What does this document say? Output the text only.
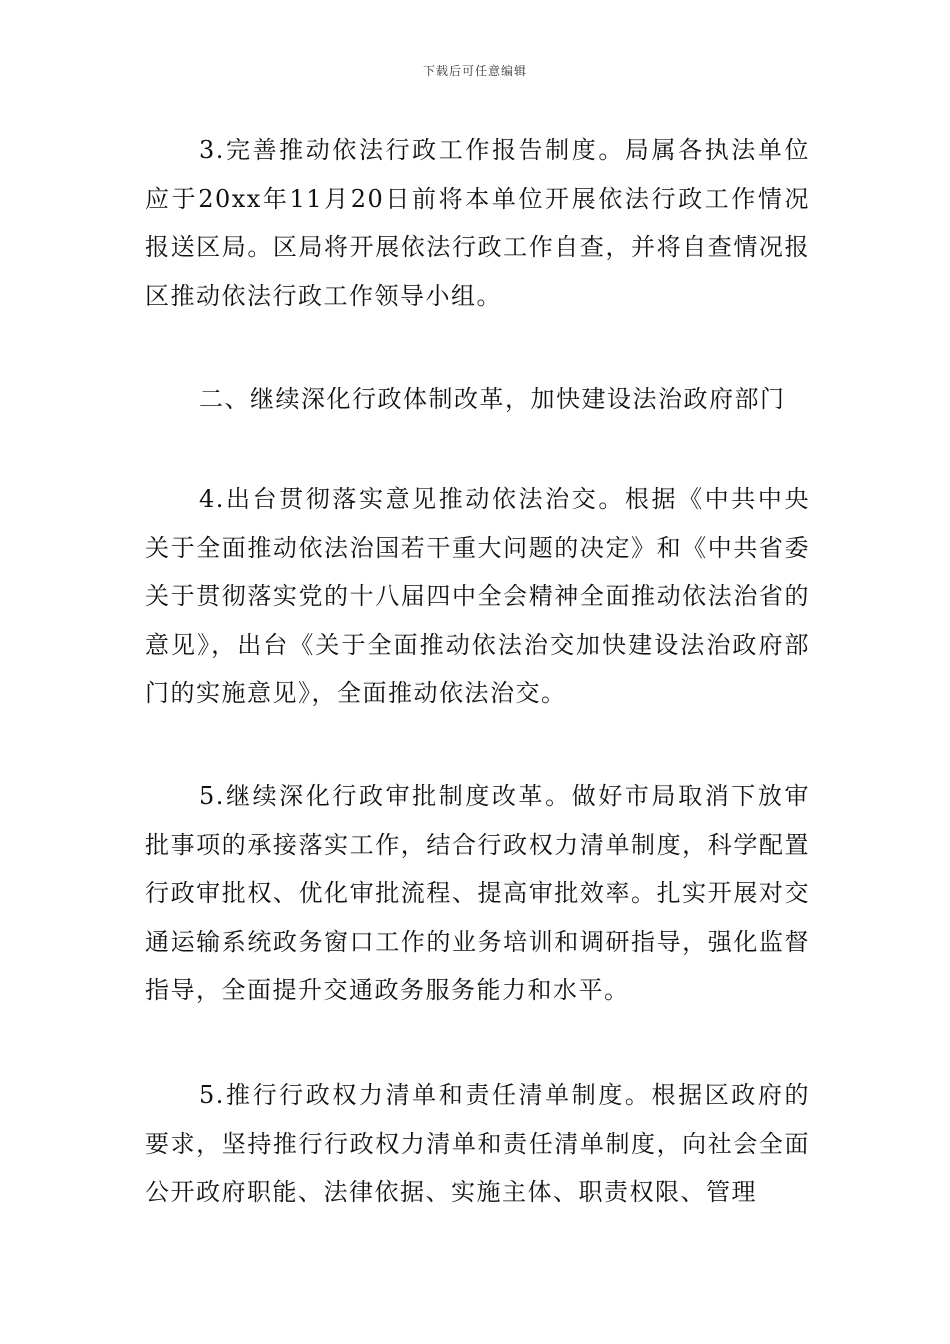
下载后可任意编辑

3.完善推动依法行政工作报告制度。局属各执法单位应于20xx年11月20日前将本单位开展依法行政工作情况报送区局。区局将开展依法行政工作自查，并将自查情况报区推动依法行政工作领导小组。

二、继续深化行政体制改革，加快建设法治政府部门

4.出台贯彻落实意见推动依法治交。根据《中共中央关于全面推动依法治国若干重大问题的决定》和《中共省委关于贯彻落实党的十八届四中全会精神全面推动依法治省的意见》，出台《关于全面推动依法治交加快建设法治政府部门的实施意见》，全面推动依法治交。

5.继续深化行政审批制度改革。做好市局取消下放审批事项的承接落实工作，结合行政权力清单制度，科学配置行政审批权、优化审批流程、提高审批效率。扎实开展对交通运输系统政务窗口工作的业务培训和调研指导，强化监督指导，全面提升交通政务服务能力和水平。

5.推行行政权力清单和责任清单制度。根据区政府的要求，坚持推行行政权力清单和责任清单制度，向社会全面公开政府职能、法律依据、实施主体、职责权限、管理
